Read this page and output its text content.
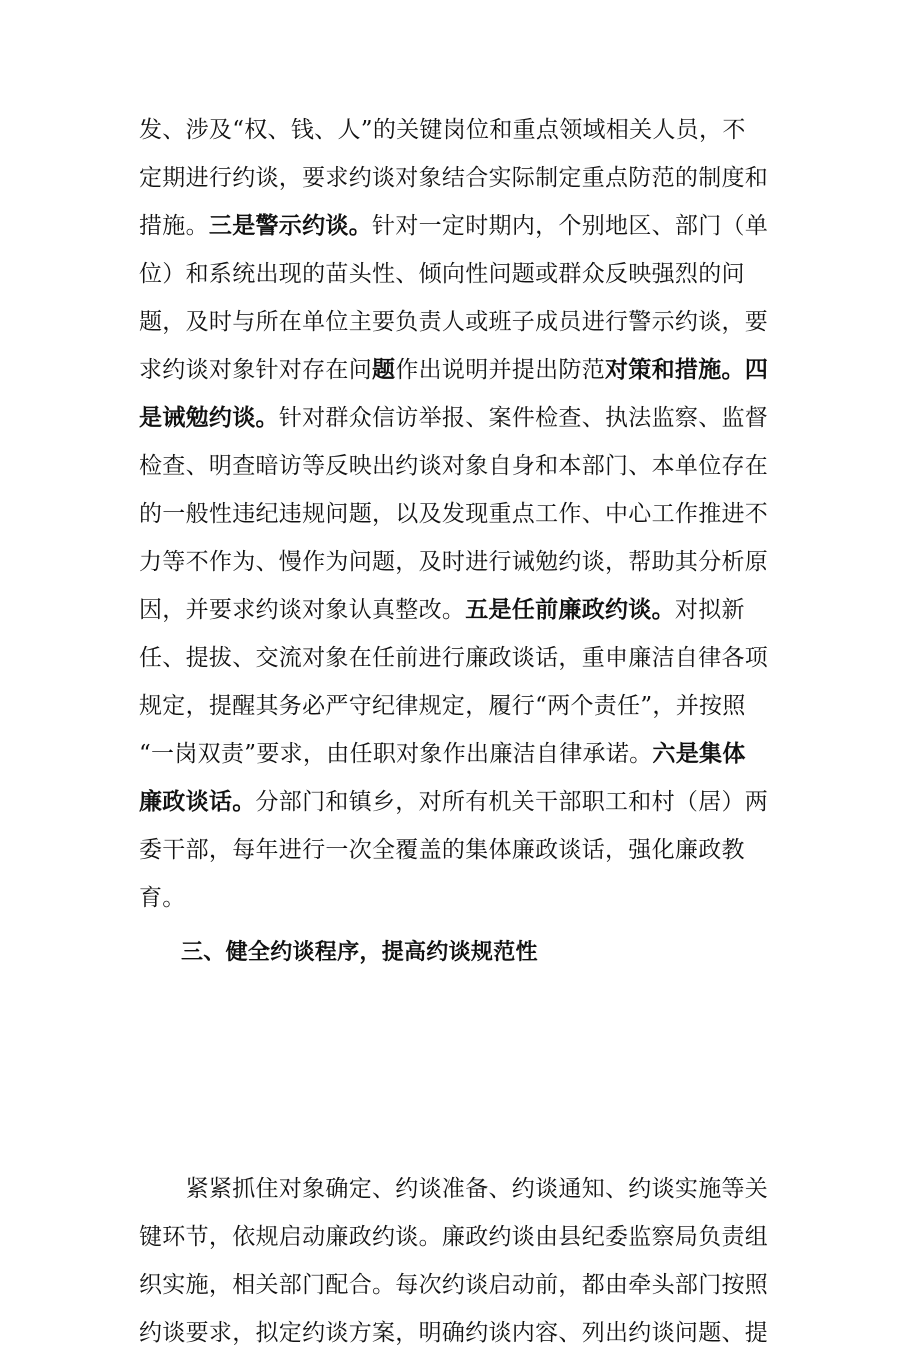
发、涉及“权、钱、人”的关键岗位和重点领域相关人员，不
定期进行约谈，要求约谈对象结合实际制定重点防范的制度和
措施。三是警示约谈。针对一定时期内，个别地区、部门（单
位）和系统出现的苗头性、倾向性问题或群众反映强烈的问
题，及时与所在单位主要负责人或班子成员进行警示约谈，要
求约谈对象针对存在问题作出说明并提出防范对策和措施。四
是诫勉约谈。针对群众信访举报、案件检查、执法监察、监督
检查、明查暗访等反映出约谈对象自身和本部门、本单位存在
的一般性违纪违规问题，以及发现重点工作、中心工作推进不
力等不作为、慢作为问题，及时进行诫勉约谈，帮助其分析原
因，并要求约谈对象认真整改。五是任前廉政约谈。对拟新
任、提拔、交流对象在任前进行廉政谈话，重申廉洁自律各项
规定，提醒其务必严守纪律规定，履行“两个责任”，并按照
“一岗双责”要求，由任职对象作出廉洁自律承诺。六是集体
廉政谈话。分部门和镇乡，对所有机关干部职工和村（居）两
委干部，每年进行一次全覆盖的集体廉政谈话，强化廉政教
育。
三、健全约谈程序，提高约谈规范性
　　紧紧抓住对象确定、约谈准备、约谈通知、约谈实施等关
键环节，依规启动廉政约谈。廉政约谈由县纪委监察局负责组
织实施，相关部门配合。每次约谈启动前，都由牵头部门按照
约谈要求，拟定约谈方案，明确约谈内容、列出约谈问题、提
